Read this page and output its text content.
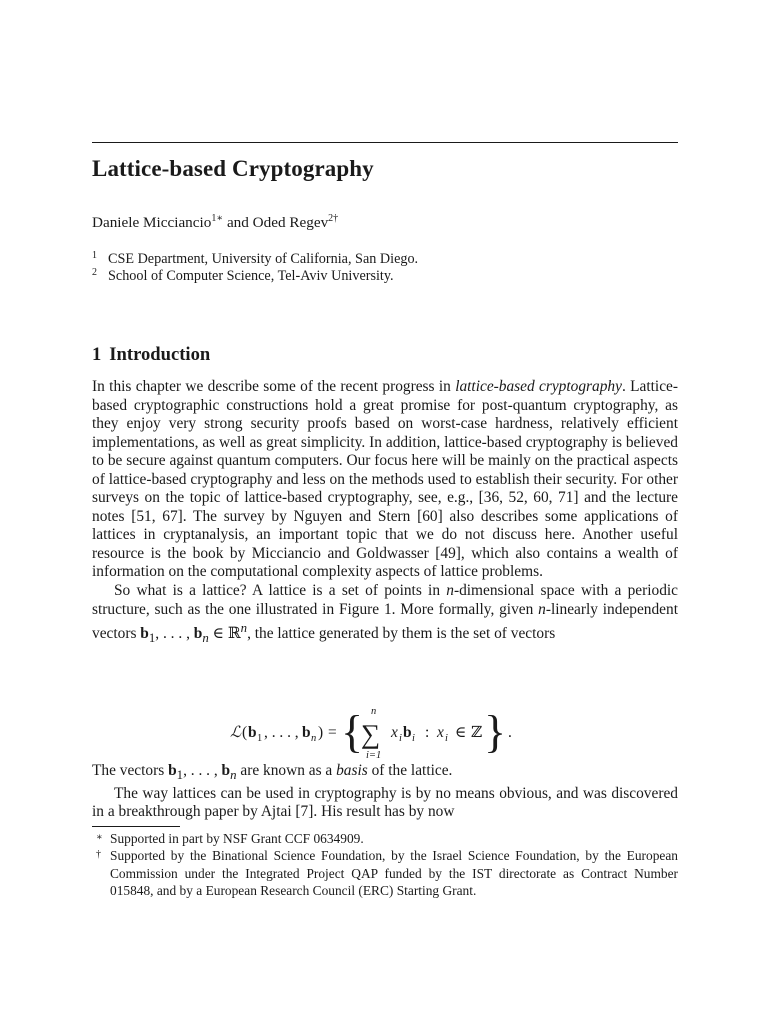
Lattice-based Cryptography
Daniele Micciancio$^{1∗}$ and Oded Regev$^{2\dagger}$
1 CSE Department, University of California, San Diego.
2 School of Computer Science, Tel-Aviv University.
1 Introduction

In this chapter we describe some of the recent progress in lattice-based cryptography. Lattice-based cryptographic constructions hold a great promise for post-quantum cryptography, as they enjoy very strong security proofs based on worst-case hardness, relatively efficient implementations, as well as great simplicity. In addition, lattice-based cryptography is believed to be secure against quantum computers. Our focus here will be mainly on the practical aspects of lattice-based cryptography and less on the methods used to establish their security. For other surveys on the topic of lattice-based cryptography, see, e.g., [36, 52, 60, 71] and the lecture notes [51, 67]. The survey by Nguyen and Stern [60] also describes some applications of lattices in cryptanalysis, an important topic that we do not discuss here. Another useful resource is the book by Micciancio and Goldwasser [49], which also contains a wealth of information on the computational complexity aspects of lattice problems.

So what is a lattice? A lattice is a set of points in n-dimensional space with a periodic structure, such as the one illustrated in Figure 1. More formally, given n-linearly independent vectors $b_1$, . . . , $b_n$ ∈ ℝ$^n$, the lattice generated by them is the set of vectors

ℒ ( b 1 , . . . , b n ) = { n
∑
i=1
x i b i : x i ∈ ℤ } .

The vectors $b_1$, . . . , $b_n$ are known as a basis of the lattice.

The way lattices can be used in cryptography is by no means obvious, and was discovered in a breakthrough paper by Ajtai [7]. His result has by now

∗ Supported in part by NSF Grant CCF 0634909.
† Supported by the Binational Science Foundation, by the Israel Science Foundation, by the European Commission under the Integrated Project QAP funded by the IST directorate as Contract Number 015848, and by a European Research Council (ERC) Starting Grant.
